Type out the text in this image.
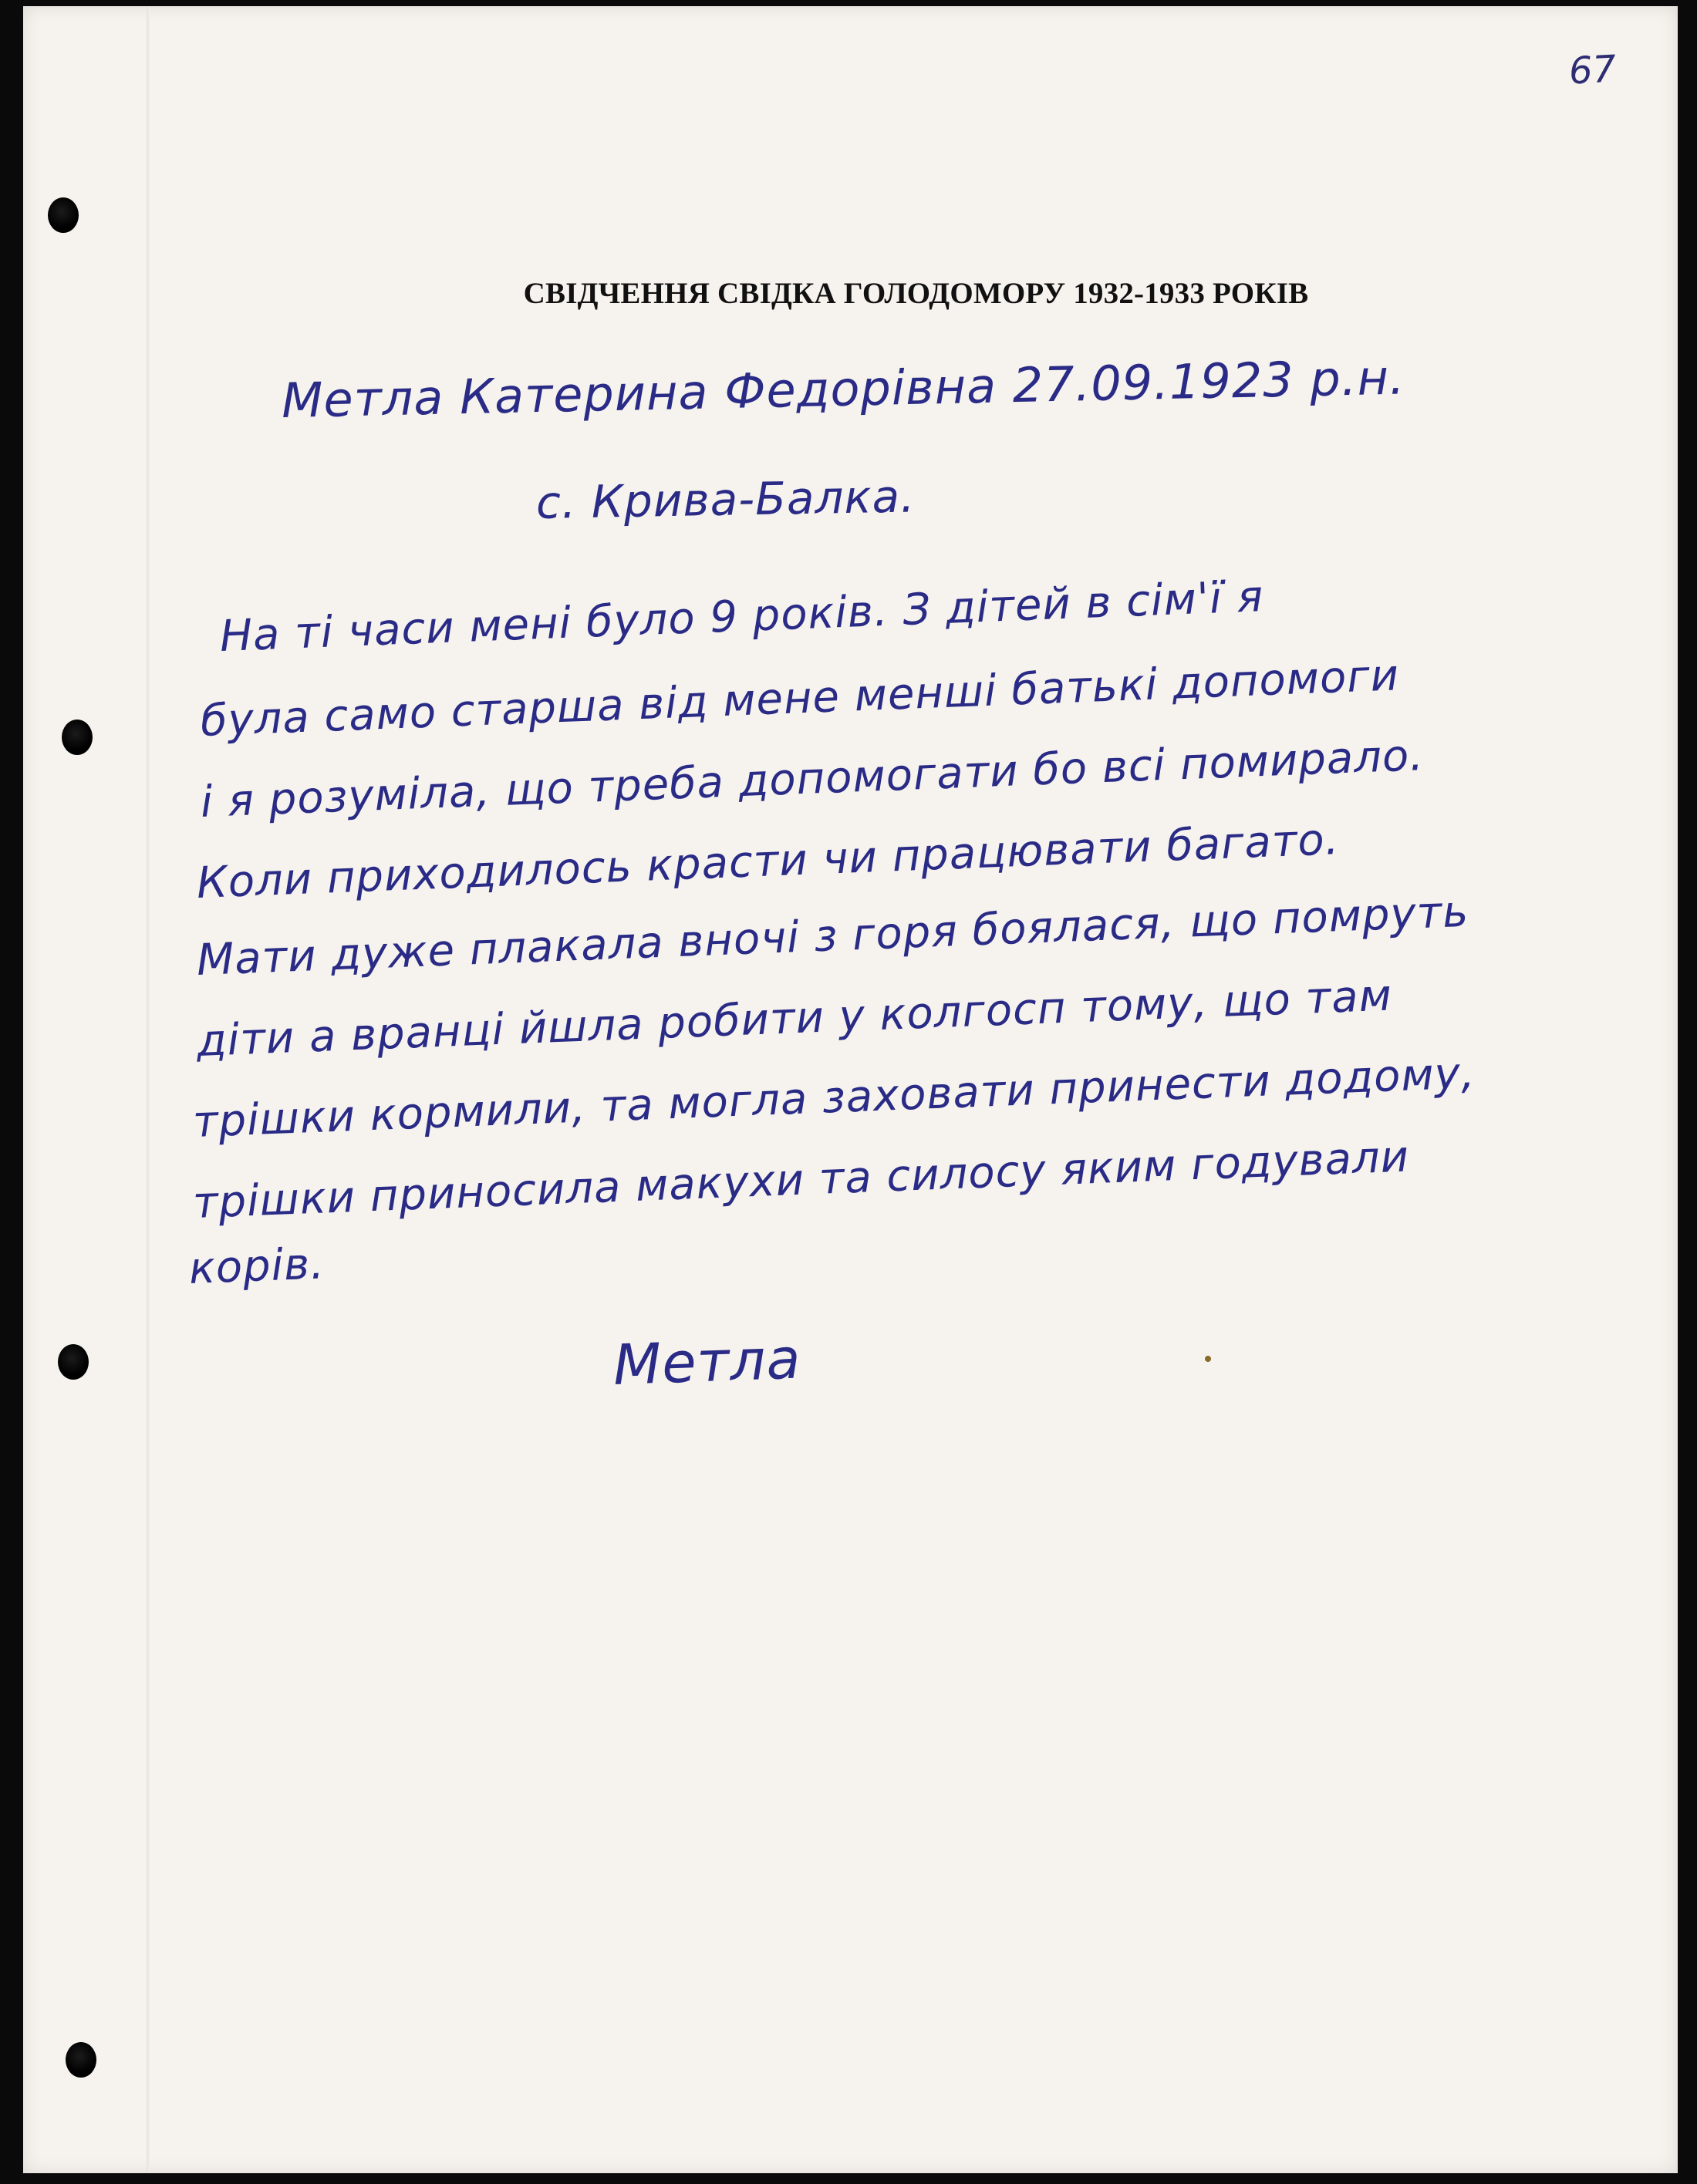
67
СВІДЧЕННЯ СВІДКА ГОЛОДОМОРУ 1932-1933 РОКІВ
Метла Катерина Федорівна 27.09.1923 р.н.
с. Крива-Балка.
На ті часи мені було 9 років. З дітей в сім'ї я
була само старша від мене менші батькі допомоги
і я розуміла, що треба допомогати бо всі помирало.
Коли приходилось красти чи працювати багато.
Мати дуже плакала вночі з горя боялася, що помруть
діти а вранці йшла робити у колгосп тому, що там
трішки кормили, та могла заховати принести додому,
трішки приносила макухи та силосу яким годували
корів.
Метла
